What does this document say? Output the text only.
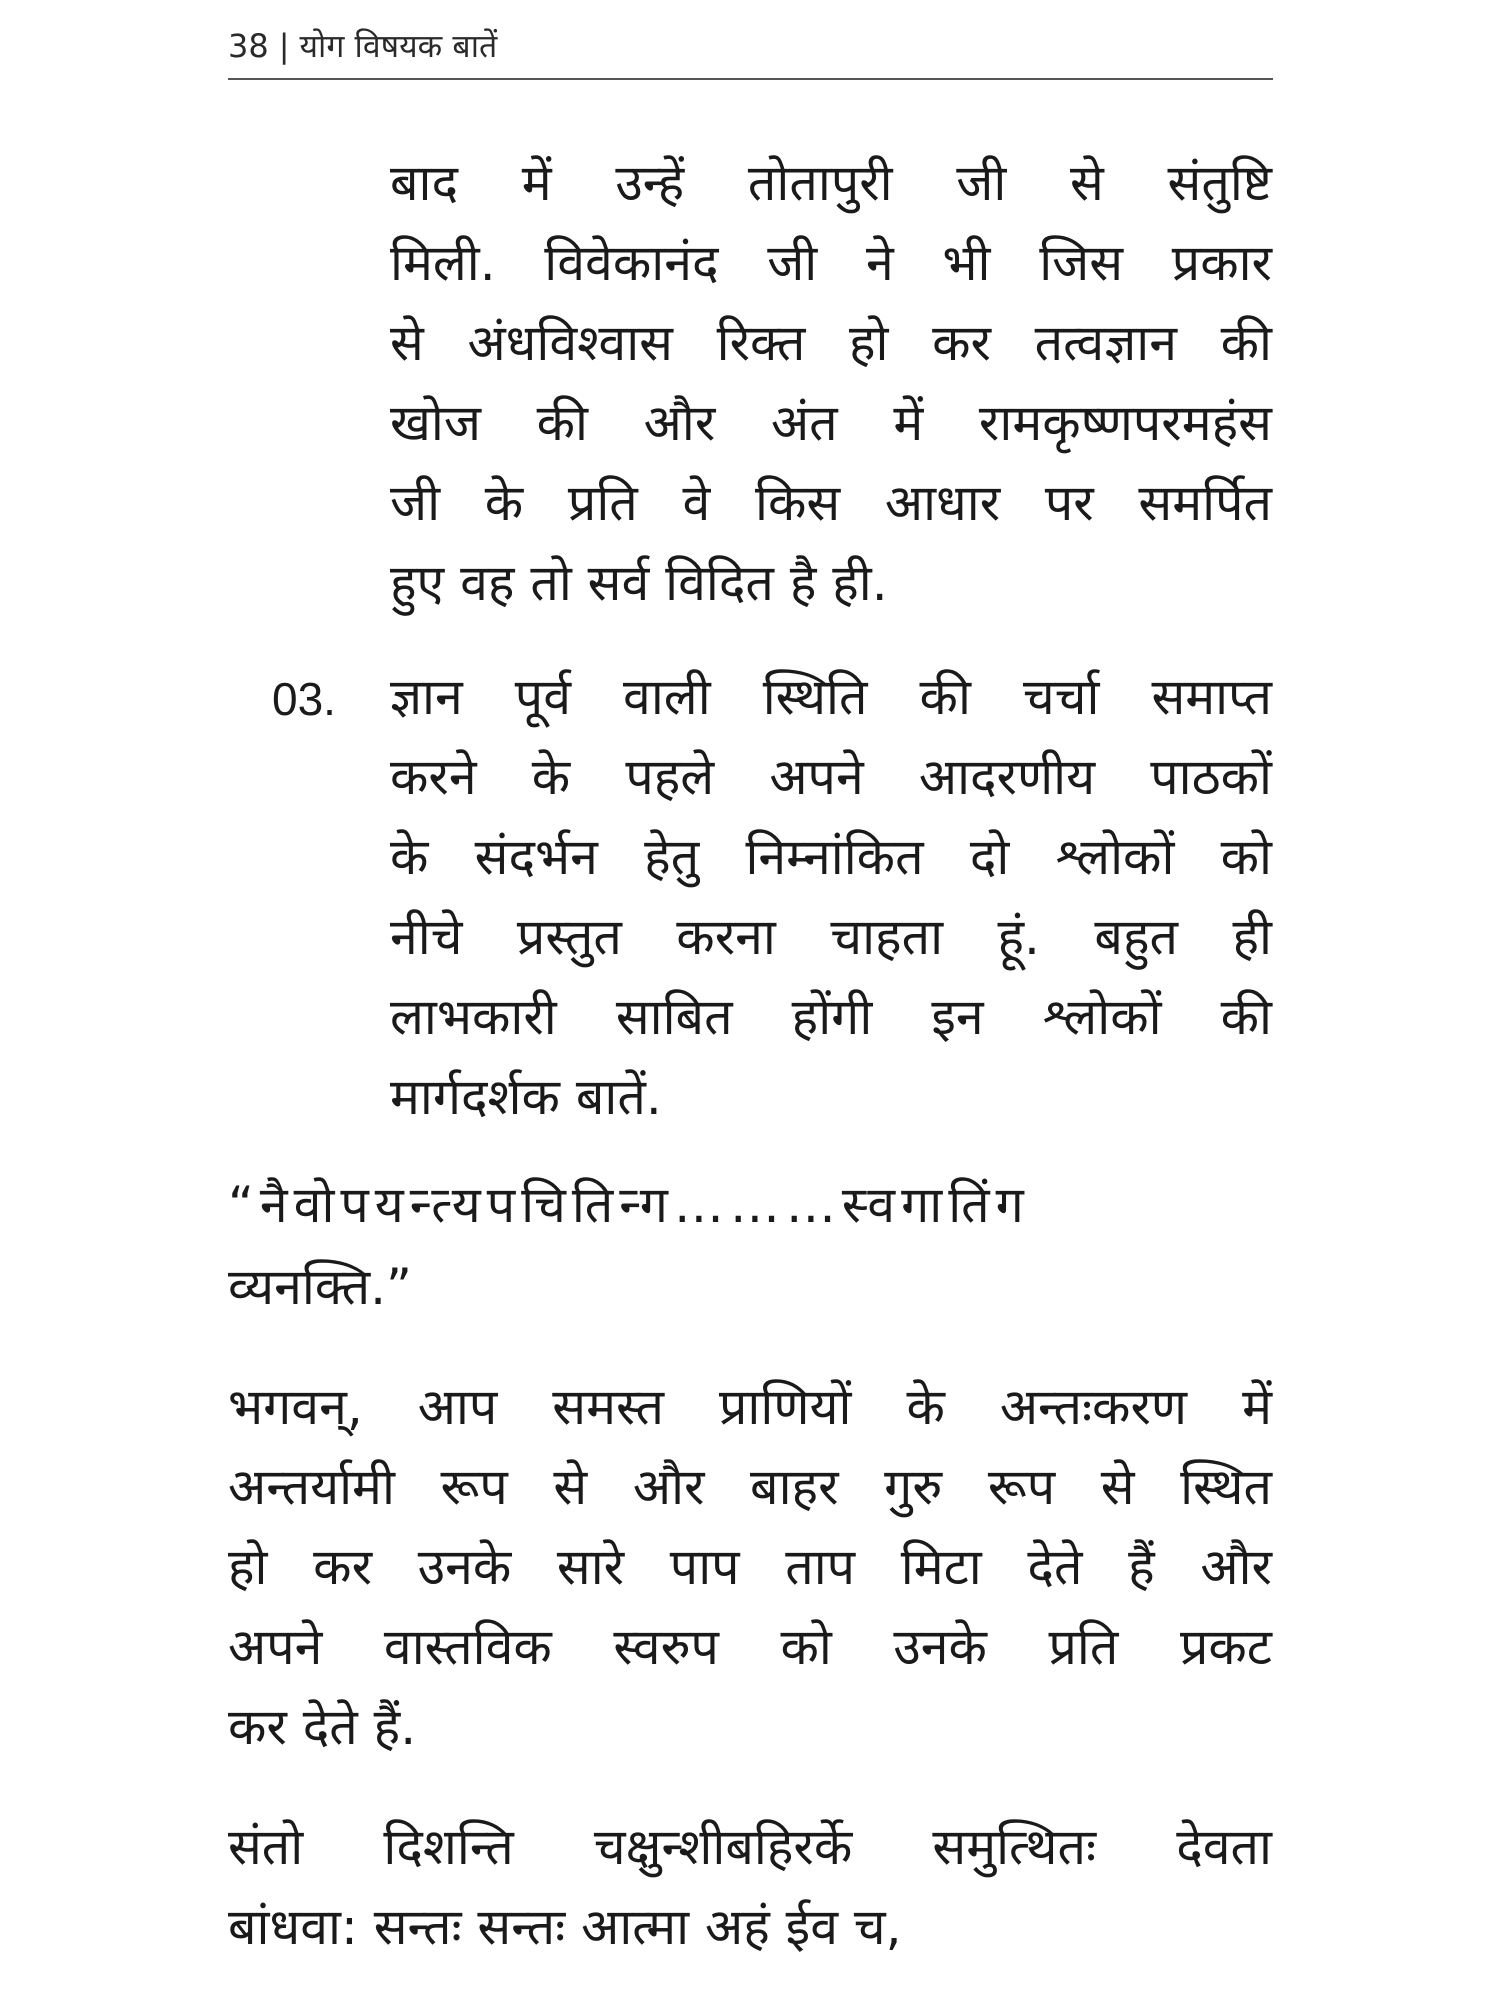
38 | योग विषयक बातें
बाद में उन्हें तोतापुरी जी से संतुष्टि
मिली. विवेकानंद जी ने भी जिस प्रकार
से अंधविश्वास रिक्त हो कर तत्वज्ञान की
खोज की और अंत में रामकृष्णपरमहंस
जी के प्रति वे किस आधार पर समर्पित
हुए वह तो सर्व विदित है ही.
03. ज्ञान पूर्व वाली स्थिति की चर्चा समाप्त
करने के पहले अपने आदरणीय पाठकों
के संदर्भन हेतु निम्नांकित दो श्लोकों को
नीचे प्रस्तुत करना चाहता हूं. बहुत ही
लाभकारी साबित होंगी इन श्लोकों की
मार्गदर्शक बातें.
“नैवोपयन्त्यपचितिन्ग………स्वगातिंग
व्यनक्ति.”
भगवन्, आप समस्त प्राणियों के अन्तःकरण में
अन्तर्यामी रूप से और बाहर गुरु रूप से स्थित
हो कर उनके सारे पाप ताप मिटा देते हैं और
अपने वास्तविक स्वरुप को उनके प्रति प्रकट
कर देते हैं.
संतो दिशन्ति चक्षुन्शीबहिरर्के समुत्थितः देवता
बांधवा: सन्तः सन्तः आत्मा अहं ईव च,
